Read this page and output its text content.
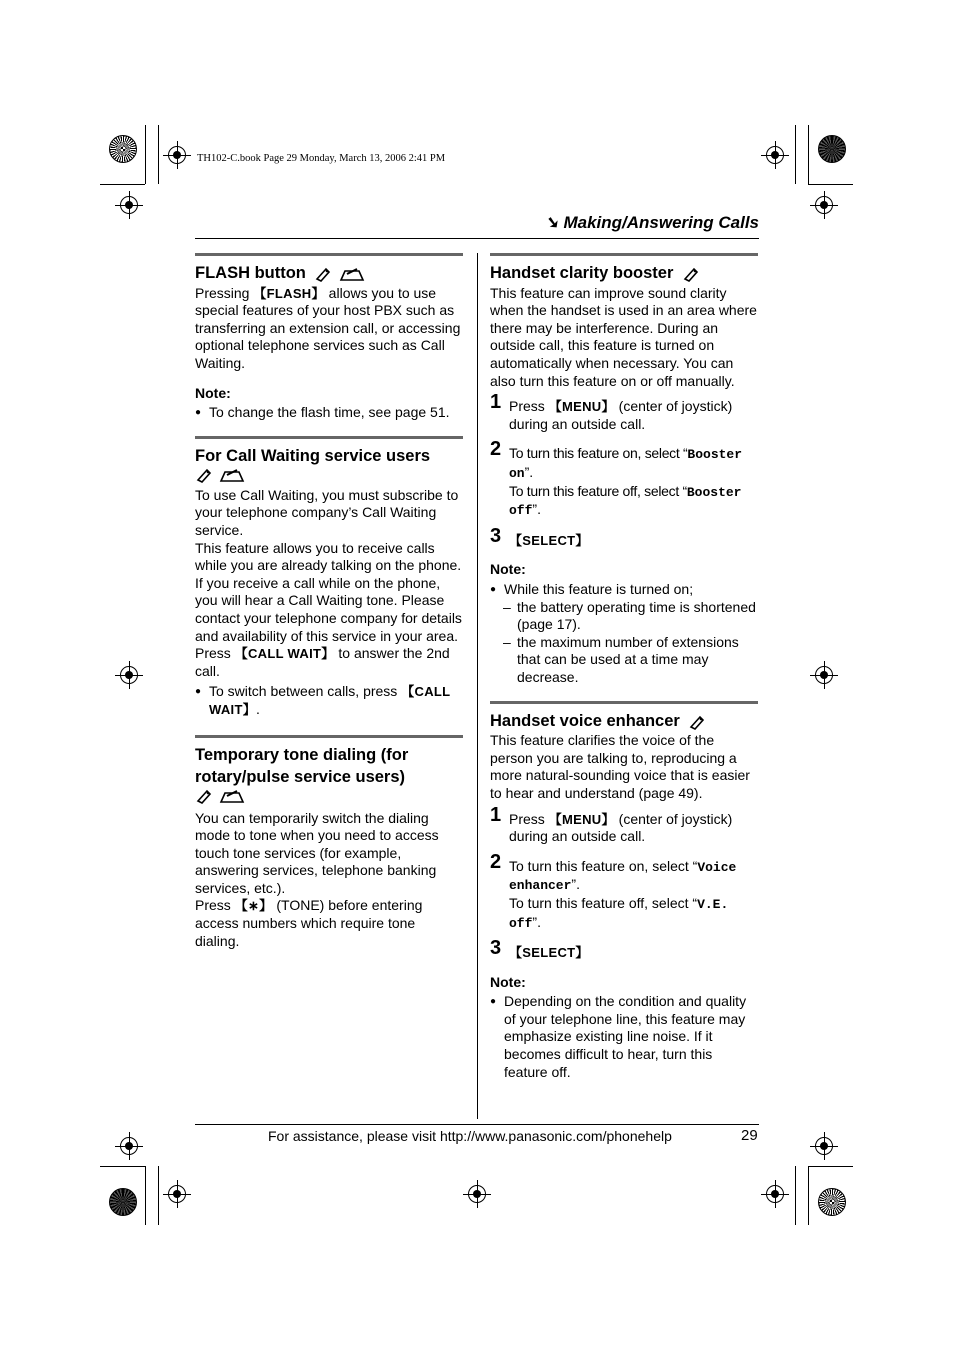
TH102-C.book Page 29 Monday, March 13, 2006 2:41 PM
➘ Making/Answering Calls
FLASH button

Pressing 【FLASH】 allows you to use special features of your host PBX such as transferring an extension call, or accessing optional telephone services such as Call Waiting.

Note:
● To change the flash time, see page 51.
For Call Waiting service users

To use Call Waiting, you must subscribe to your telephone company’s Call Waiting service.

This feature allows you to receive calls while you are already talking on the phone. If you receive a call while on the phone, you will hear a Call Waiting tone. Please contact your telephone company for details and availability of this service in your area.

Press 【CALL WAIT】 to answer the 2nd call.

● To switch between calls, press 【CALL WAIT】.
Temporary tone dialing (for rotary/pulse service users)

You can temporarily switch the dialing mode to tone when you need to access touch tone services (for example, answering services, telephone banking services, etc.).

Press 【∗】 (TONE) before entering access numbers which require tone dialing.

Handset clarity booster

This feature can improve sound clarity when the handset is used in an area where there may be interference. During an outside call, this feature is turned on automatically when necessary. You can also turn this feature on or off manually.

1 Press 【MENU】 (center of joystick) during an outside call.
2 To turn this feature on, select “Booster on”.
To turn this feature off, select “Booster off”.
3 【SELECT】
Note:
● While this feature is turned on;
– the battery operating time is shortened (page 17).
– the maximum number of extensions that can be used at a time may decrease.
Handset voice enhancer

This feature clarifies the voice of the person you are talking to, reproducing a more natural-sounding voice that is easier to hear and understand (page 49).

1 Press 【MENU】 (center of joystick) during an outside call.
2 To turn this feature on, select “Voice enhancer”.
To turn this feature off, select “V.E. off”.
3 【SELECT】
Note:
● Depending on the condition and quality of your telephone line, this feature may emphasize existing line noise. If it becomes difficult to hear, turn this feature off.
For assistance, please visit http://www.panasonic.com/phonehelp	29
